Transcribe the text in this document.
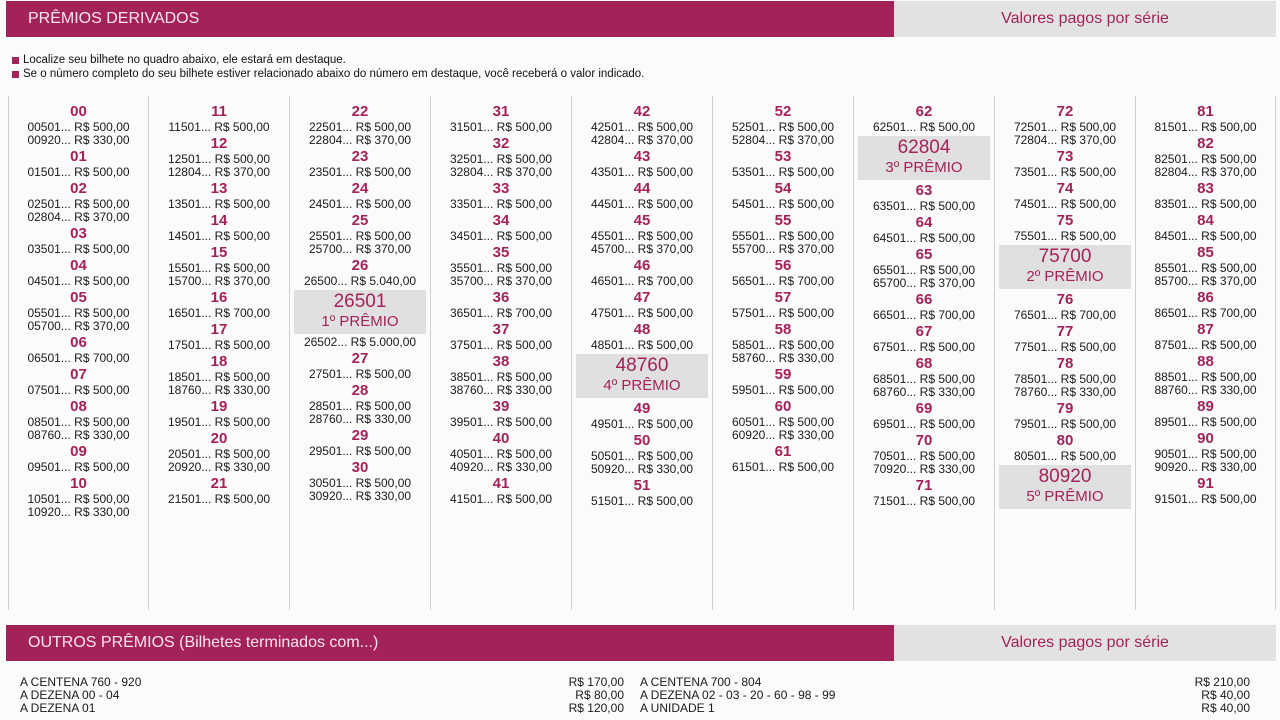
PRÊMIOS DERIVADOS	Valores pagos por série
Localize seu bilhete no quadro abaixo, ele estará em destaque.
Se o número completo do seu bilhete estiver relacionado abaixo do número em destaque, você receberá o valor indicado.
00
00501... R$ 500,00
00920... R$ 330,00
01
01501... R$ 500,00
02
02501... R$ 500,00
02804... R$ 370,00
03
03501... R$ 500,00
04
04501... R$ 500,00
05
05501... R$ 500,00
05700... R$ 370,00
06
06501... R$ 700,00
07
07501... R$ 500,00
08
08501... R$ 500,00
08760... R$ 330,00
09
09501... R$ 500,00
10
10501... R$ 500,00
10920... R$ 330,00
11
11501... R$ 500,00
12
12501... R$ 500,00
12804... R$ 370,00
13
13501... R$ 500,00
14
14501... R$ 500,00
15
15501... R$ 500,00
15700... R$ 370,00
16
16501... R$ 700,00
17
17501... R$ 500,00
18
18501... R$ 500,00
18760... R$ 330,00
19
19501... R$ 500,00
20
20501... R$ 500,00
20920... R$ 330,00
21
21501... R$ 500,00
22
22501... R$ 500,00
22804... R$ 370,00
23
23501... R$ 500,00
24
24501... R$ 500,00
25
25501... R$ 500,00
25700... R$ 370,00
26
26500... R$ 5.040,00
26501
1º PRÊMIO
26502... R$ 5.000,00
27
27501... R$ 500,00
28
28501... R$ 500,00
28760... R$ 330,00
29
29501... R$ 500,00
30
30501... R$ 500,00
30920... R$ 330,00
31
31501... R$ 500,00
32
32501... R$ 500,00
32804... R$ 370,00
33
33501... R$ 500,00
34
34501... R$ 500,00
35
35501... R$ 500,00
35700... R$ 370,00
36
36501... R$ 700,00
37
37501... R$ 500,00
38
38501... R$ 500,00
38760... R$ 330,00
39
39501... R$ 500,00
40
40501... R$ 500,00
40920... R$ 330,00
41
41501... R$ 500,00
42
42501... R$ 500,00
42804... R$ 370,00
43
43501... R$ 500,00
44
44501... R$ 500,00
45
45501... R$ 500,00
45700... R$ 370,00
46
46501... R$ 700,00
47
47501... R$ 500,00
48
48501... R$ 500,00
48760
4º PRÊMIO
49
49501... R$ 500,00
50
50501... R$ 500,00
50920... R$ 330,00
51
51501... R$ 500,00
52
52501... R$ 500,00
52804... R$ 370,00
53
53501... R$ 500,00
54
54501... R$ 500,00
55
55501... R$ 500,00
55700... R$ 370,00
56
56501... R$ 700,00
57
57501... R$ 500,00
58
58501... R$ 500,00
58760... R$ 330,00
59
59501... R$ 500,00
60
60501... R$ 500,00
60920... R$ 330,00
61
61501... R$ 500,00
62
62501... R$ 500,00
62804
3º PRÊMIO
63
63501... R$ 500,00
64
64501... R$ 500,00
65
65501... R$ 500,00
65700... R$ 370,00
66
66501... R$ 700,00
67
67501... R$ 500,00
68
68501... R$ 500,00
68760... R$ 330,00
69
69501... R$ 500,00
70
70501... R$ 500,00
70920... R$ 330,00
71
71501... R$ 500,00
72
72501... R$ 500,00
72804... R$ 370,00
73
73501... R$ 500,00
74
74501... R$ 500,00
75
75501... R$ 500,00
75700
2º PRÊMIO
76
76501... R$ 700,00
77
77501... R$ 500,00
78
78501... R$ 500,00
78760... R$ 330,00
79
79501... R$ 500,00
80
80501... R$ 500,00
80920
5º PRÊMIO
81
81501... R$ 500,00
82
82501... R$ 500,00
82804... R$ 370,00
83
83501... R$ 500,00
84
84501... R$ 500,00
85
85501... R$ 500,00
85700... R$ 370,00
86
86501... R$ 700,00
87
87501... R$ 500,00
88
88501... R$ 500,00
88760... R$ 330,00
89
89501... R$ 500,00
90
90501... R$ 500,00
90920... R$ 330,00
91
91501... R$ 500,00
OUTROS PRÊMIOS (Bilhetes terminados com...)	Valores pagos por série
A CENTENA 760 - 920	R$ 170,00	A CENTENA 700 - 804	R$ 210,00
A DEZENA 00 - 04	R$ 80,00	A DEZENA 02 - 03 - 20 - 60 - 98 - 99	R$ 40,00
A DEZENA 01	R$ 120,00	A UNIDADE 1	R$ 40,00
